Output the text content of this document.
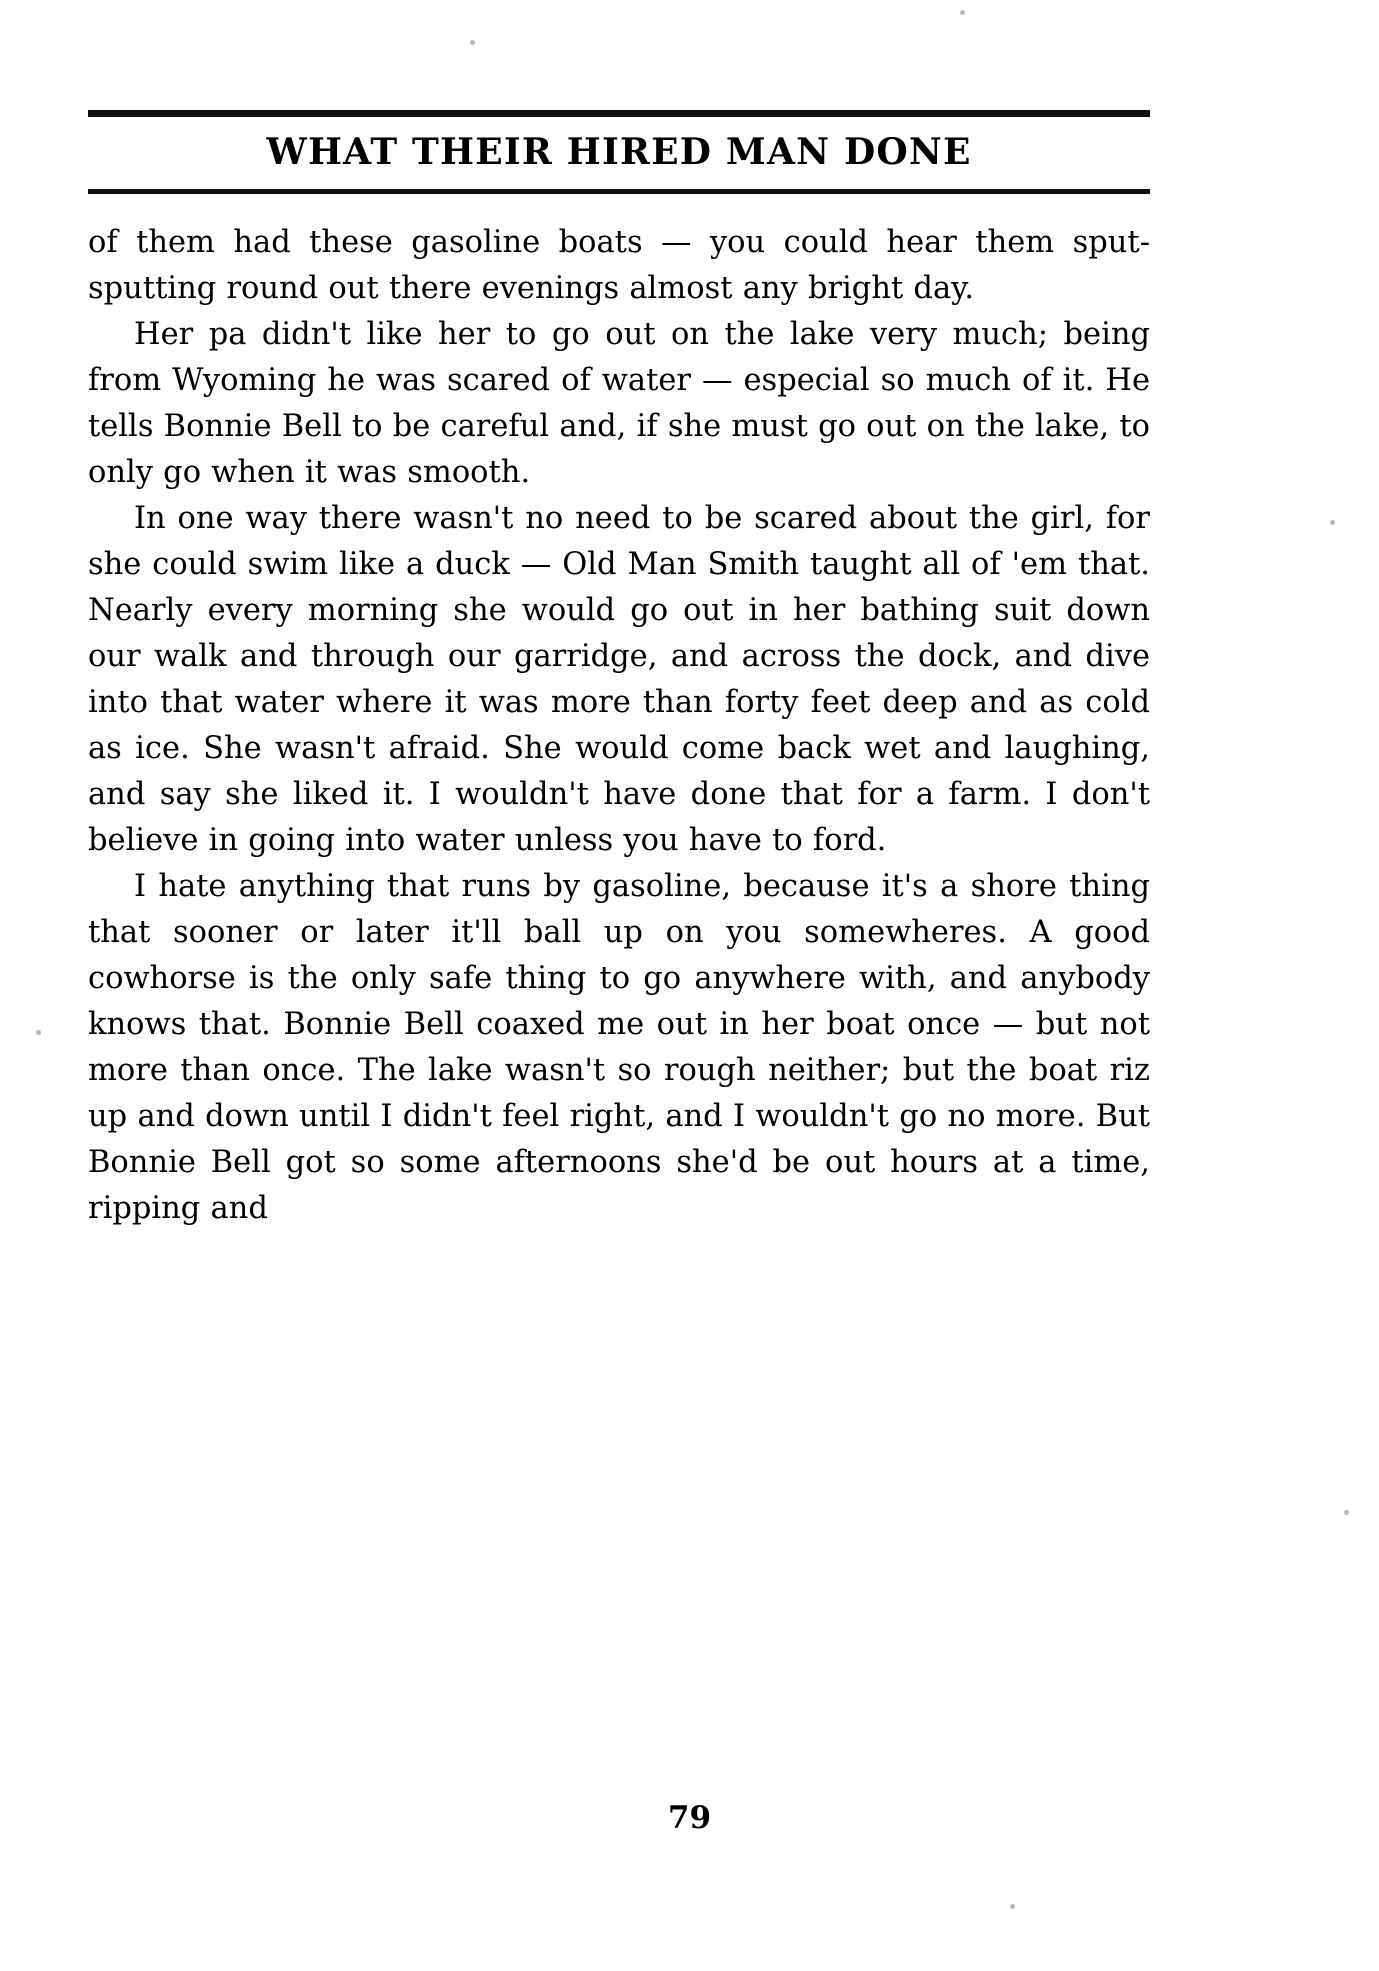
WHAT THEIR HIRED MAN DONE

of them had these gasoline boats — you could hear them sput-sputting round out there evenings almost any bright day.

Her pa didn't like her to go out on the lake very much; being from Wyoming he was scared of water — especial so much of it. He tells Bonnie Bell to be careful and, if she must go out on the lake, to only go when it was smooth.

In one way there wasn't no need to be scared about the girl, for she could swim like a duck — Old Man Smith taught all of 'em that. Nearly every morning she would go out in her bathing suit down our walk and through our garridge, and across the dock, and dive into that water where it was more than forty feet deep and as cold as ice. She wasn't afraid. She would come back wet and laughing, and say she liked it. I wouldn't have done that for a farm. I don't believe in going into water unless you have to ford.

I hate anything that runs by gasoline, because it's a shore thing that sooner or later it'll ball up on you somewheres. A good cowhorse is the only safe thing to go anywhere with, and anybody knows that. Bonnie Bell coaxed me out in her boat once — but not more than once. The lake wasn't so rough neither; but the boat riz up and down until I didn't feel right, and I wouldn't go no more. But Bonnie Bell got so some afternoons she'd be out hours at a time, ripping and

79
